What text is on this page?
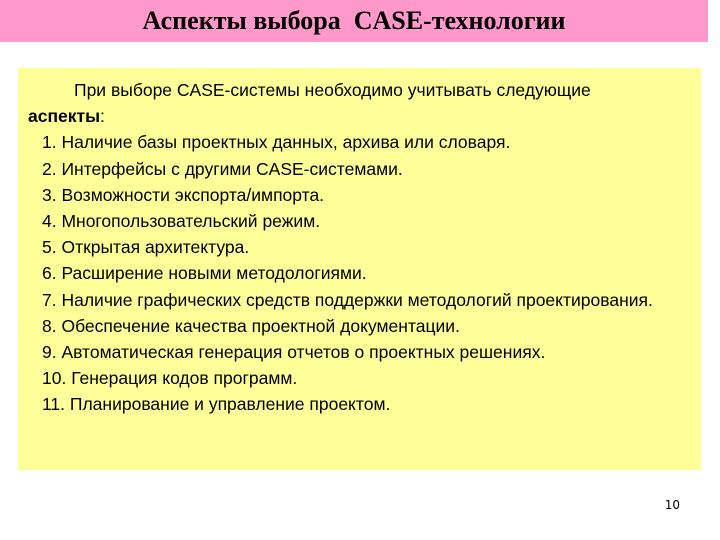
Аспекты выбора  CASE-технологии
При выборе CASE-системы необходимо учитывать следующие
аспекты:
1. Наличие базы проектных данных, архива или словаря.
2. Интерфейсы с другими CASE-системами.
3. Возможности экспорта/импорта.
4. Многопользовательский режим.
5. Открытая архитектура.
6. Расширение новыми методологиями.
7. Наличие графических средств поддержки методологий проектирования.
8. Обеспечение качества проектной документации.
9. Автоматическая генерация отчетов о проектных решениях.
10. Генерация кодов программ.
11. Планирование и управление проектом.
10
